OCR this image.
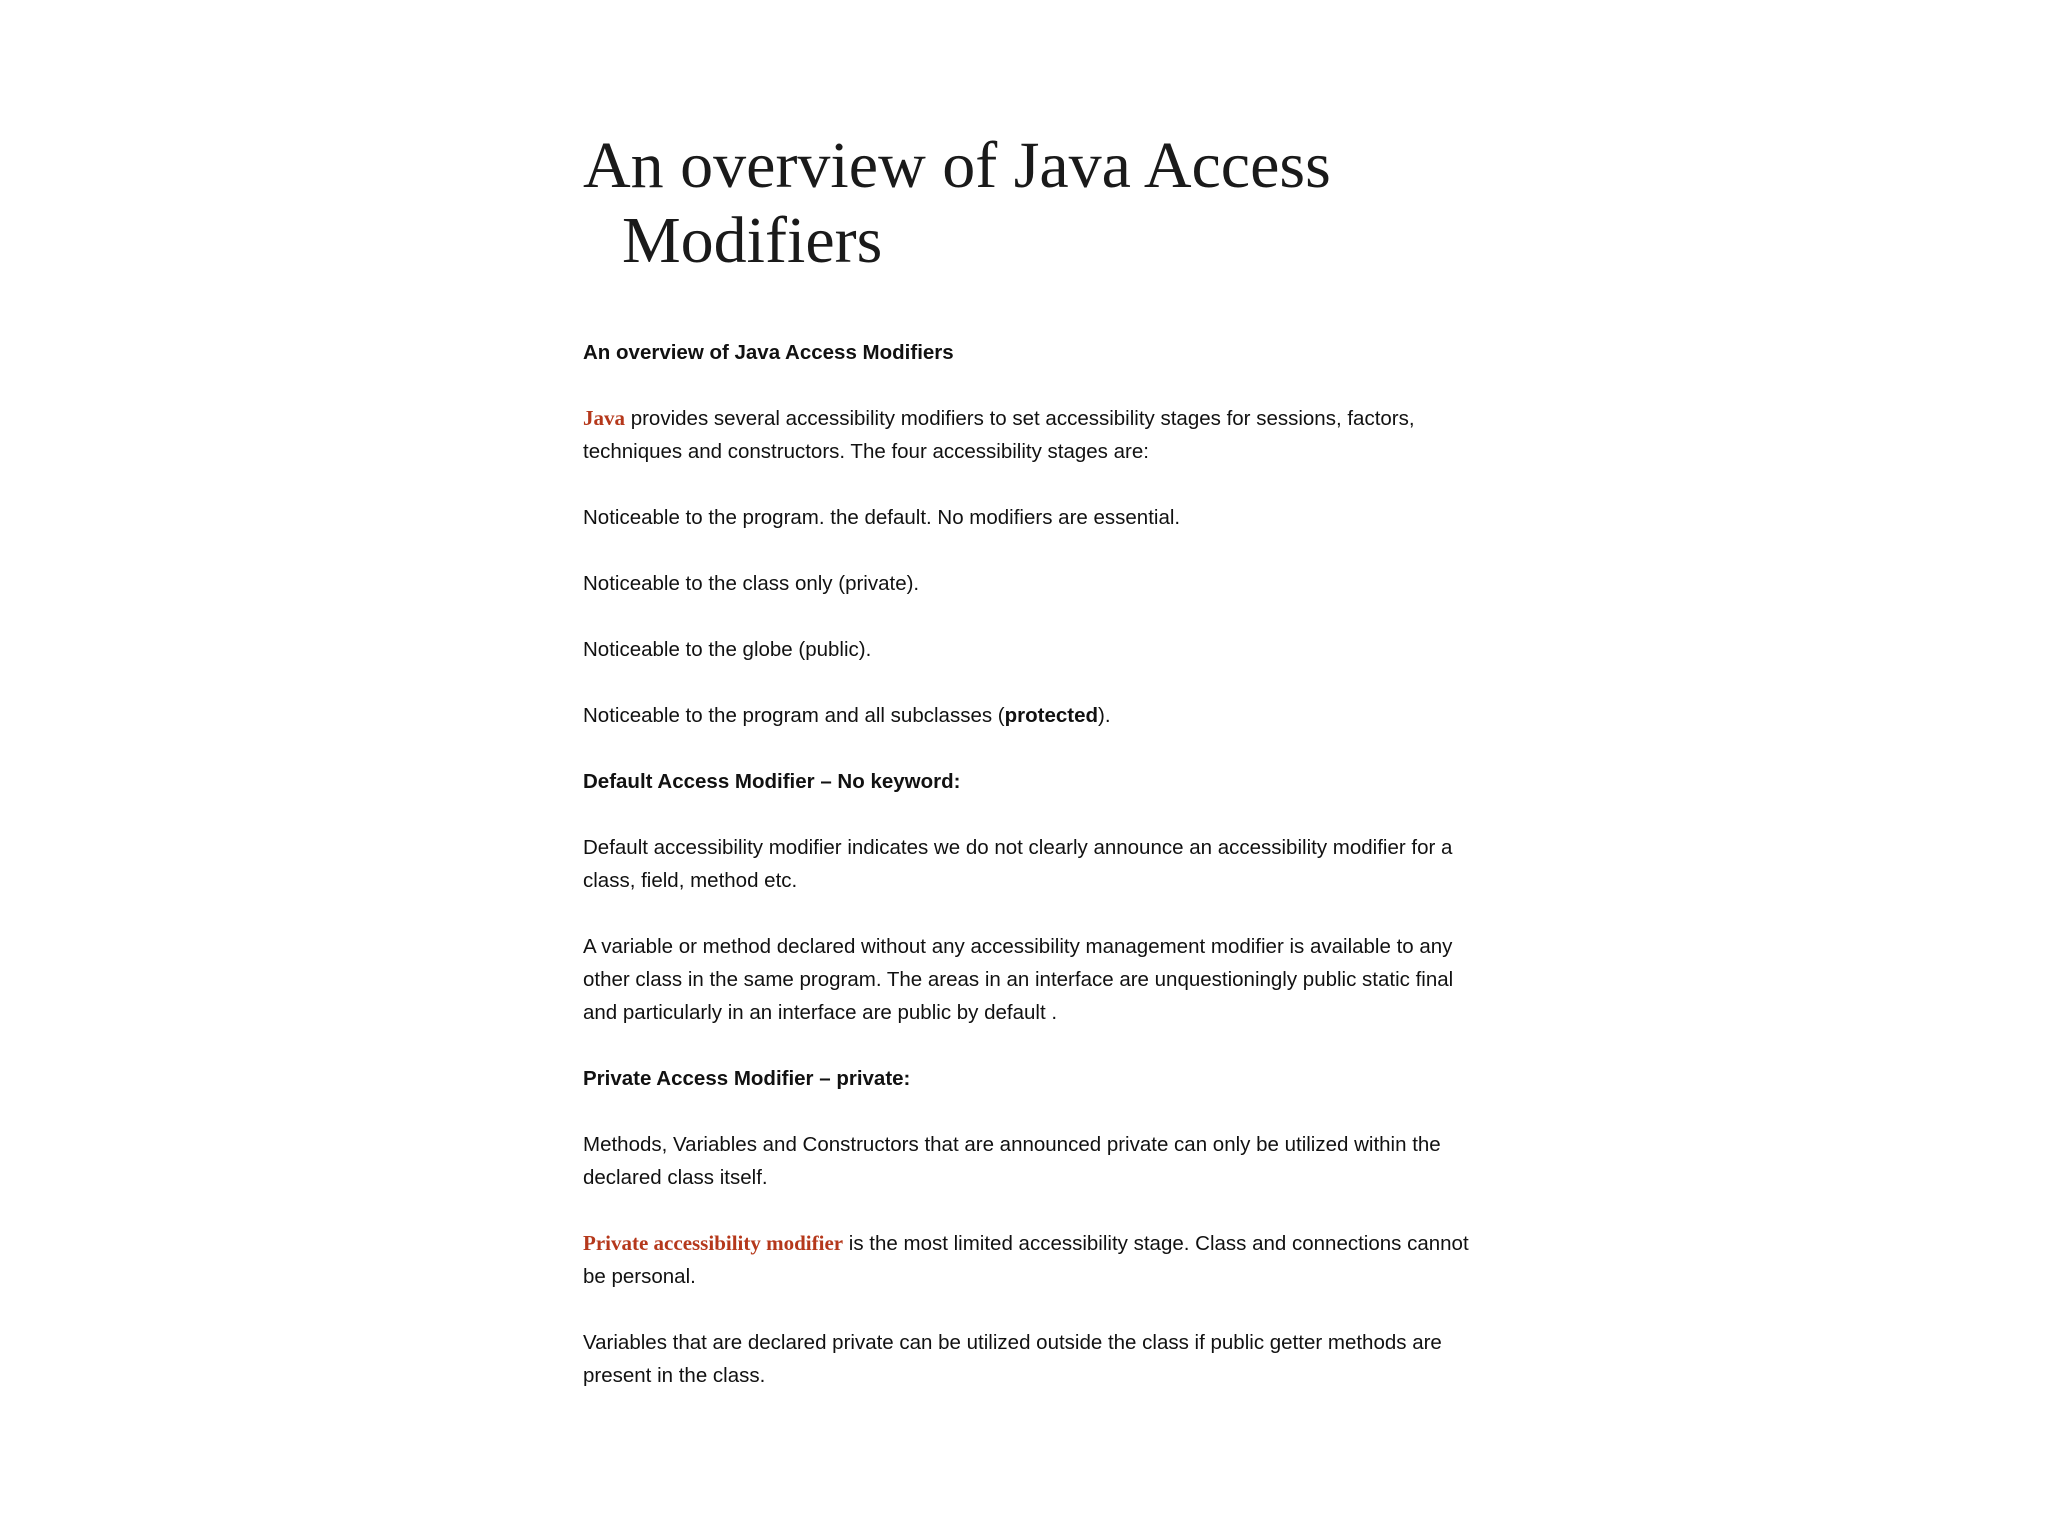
An overview of Java Access Modifiers

An overview of Java Access Modifiers

Java provides several accessibility modifiers to set accessibility stages for sessions, factors, techniques and constructors. The four accessibility stages are:

Noticeable to the program. the default. No modifiers are essential.

Noticeable to the class only (private).

Noticeable to the globe (public).

Noticeable to the program and all subclasses (protected).

Default Access Modifier – No keyword:

Default accessibility modifier indicates we do not clearly announce an accessibility modifier for a class, field, method etc.

A variable or method declared without any accessibility management modifier is available to any other class in the same program. The areas in an interface are unquestioningly public static final and particularly in an interface are public by default .

Private Access Modifier – private:

Methods, Variables and Constructors that are announced private can only be utilized within the declared class itself.

Private accessibility modifier is the most limited accessibility stage. Class and connections cannot be personal.

Variables that are declared private can be utilized outside the class if public getter methods are present in the class.
